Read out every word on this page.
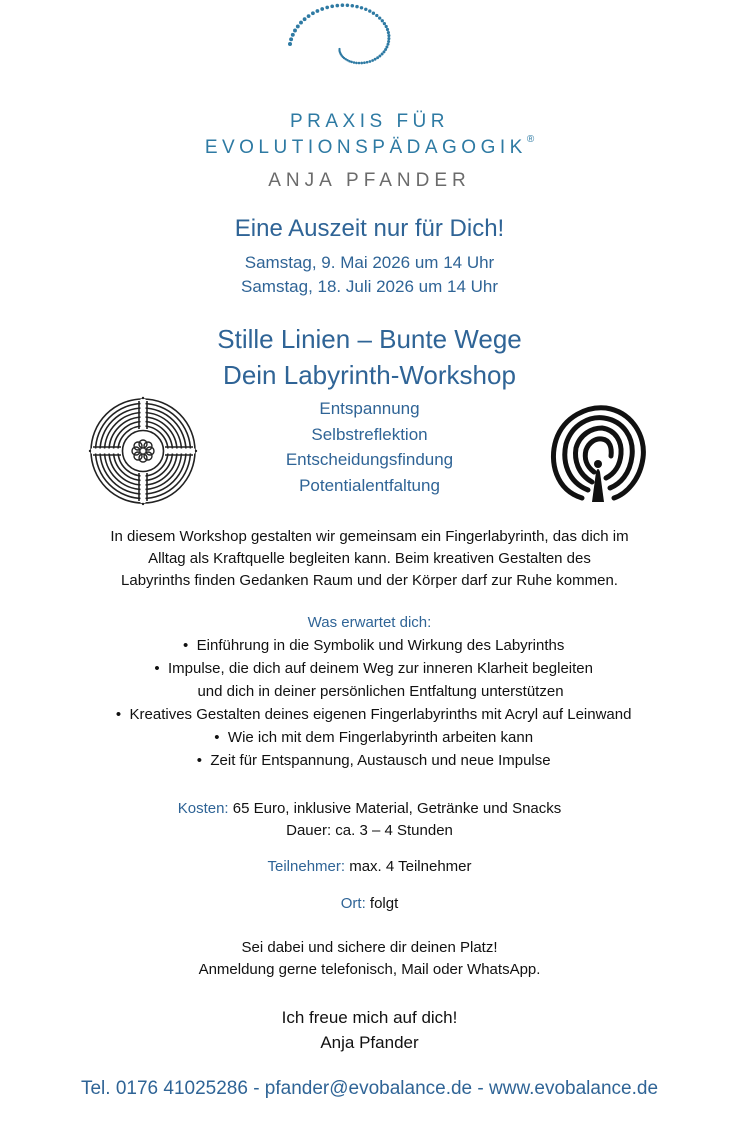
PRAXIS FÜR
EVOLUTIONSPÄDAGOGIK®
ANJA PFANDER
Eine Auszeit nur für Dich!
Samstag, 9. Mai 2026 um 14 Uhr
Samstag, 18. Juli 2026 um 14 Uhr
Stille Linien – Bunte Wege
Dein Labyrinth-Workshop
Entspannung
Selbstreflektion
Entscheidungsfindung
Potentialentfaltung
In diesem Workshop gestalten wir gemeinsam ein Fingerlabyrinth, das dich im
Alltag als Kraftquelle begleiten kann. Beim kreativen Gestalten des
Labyrinths finden Gedanken Raum und der Körper darf zur Ruhe kommen.
Was erwartet dich:
• Einführung in die Symbolik und Wirkung des Labyrinths
• Impulse, die dich auf deinem Weg zur inneren Klarheit begleiten
und dich in deiner persönlichen Entfaltung unterstützen
• Kreatives Gestalten deines eigenen Fingerlabyrinths mit Acryl auf Leinwand
• Wie ich mit dem Fingerlabyrinth arbeiten kann
• Zeit für Entspannung, Austausch und neue Impulse
Kosten: 65 Euro, inklusive Material, Getränke und Snacks
Dauer: ca. 3 – 4 Stunden
Teilnehmer: max. 4 Teilnehmer
Ort: folgt
Sei dabei und sichere dir deinen Platz!
Anmeldung gerne telefonisch, Mail oder WhatsApp.
Ich freue mich auf dich!
Anja Pfander
Tel. 0176 41025286 - pfander@evobalance.de - www.evobalance.de
